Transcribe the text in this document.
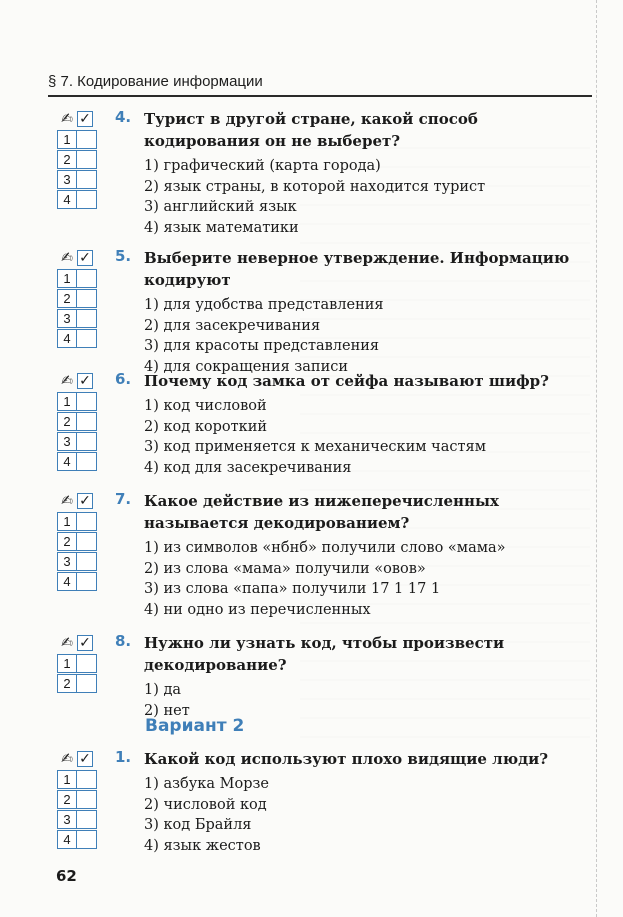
§ 7. Кодирование информации
✍ ✓
1
2
3
4
4. Турист в другой стране, какой способ кодирования он не выберет?
1) графический (карта города)
2) язык страны, в которой находится турист
3) английский язык
4) язык математики
✍ ✓
1
2
3
4
5. Выберите неверное утверждение. Информацию кодируют
1) для удобства представления
2) для засекречивания
3) для красоты представления
4) для сокращения записи
✍ ✓
1
2
3
4
6. Почему код замка от сейфа называют шифр?
1) код числовой
2) код короткий
3) код применяется к механическим частям
4) код для засекречивания
✍ ✓
1
2
3
4
7. Какое действие из нижеперечисленных называется декодированием?
1) из символов «нбнб» получили слово «мама»
2) из слова «мама» получили «овов»
3) из слова «папа» получили 17 1 17 1
4) ни одно из перечисленных
✍ ✓
1
2
8. Нужно ли узнать код, чтобы произвести декодирование?
1) да
2) нет
Вариант 2
✍ ✓
1
2
3
4
1. Какой код используют плохо видящие люди?
1) азбука Морзе
2) числовой код
3) код Брайля
4) язык жестов
62
